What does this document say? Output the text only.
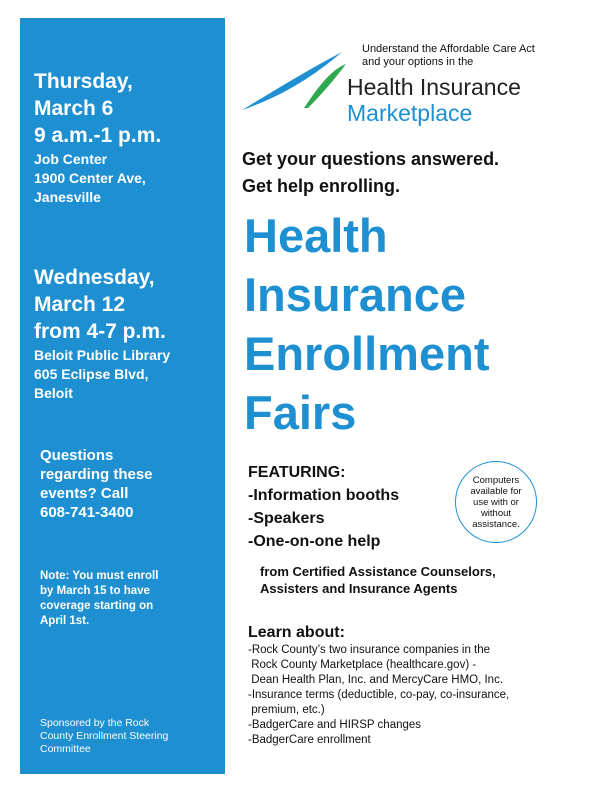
Thursday,
March 6
9 a.m.-1 p.m.
Job Center
1900 Center Ave,
Janesville
Wednesday,
March 12
from 4-7 p.m.
Beloit Public Library
605 Eclipse Blvd,
Beloit
Questions
regarding these
events? Call
608-741-3400
Note: You must enroll
by March 15 to have
coverage starting on
April 1st.
Sponsored by the Rock
County Enrollment Steering
Committee
Understand the Affordable Care Act
and your options in the
Health Insurance
Marketplace
Get your questions answered.
Get help enrolling.
Health
Insurance
Enrollment
Fairs
FEATURING:
-Information booths
-Speakers
-One-on-one help
from Certified Assistance Counselors,
Assisters and Insurance Agents
Computers
available for
use with or
without
assistance.
Learn about:
-Rock County’s two insurance companies in the
Rock County Marketplace (healthcare.gov) -
Dean Health Plan, Inc. and MercyCare HMO, Inc.
-Insurance terms (deductible, co-pay, co-insurance,
premium, etc.)
-BadgerCare and HIRSP changes
-BadgerCare enrollment
